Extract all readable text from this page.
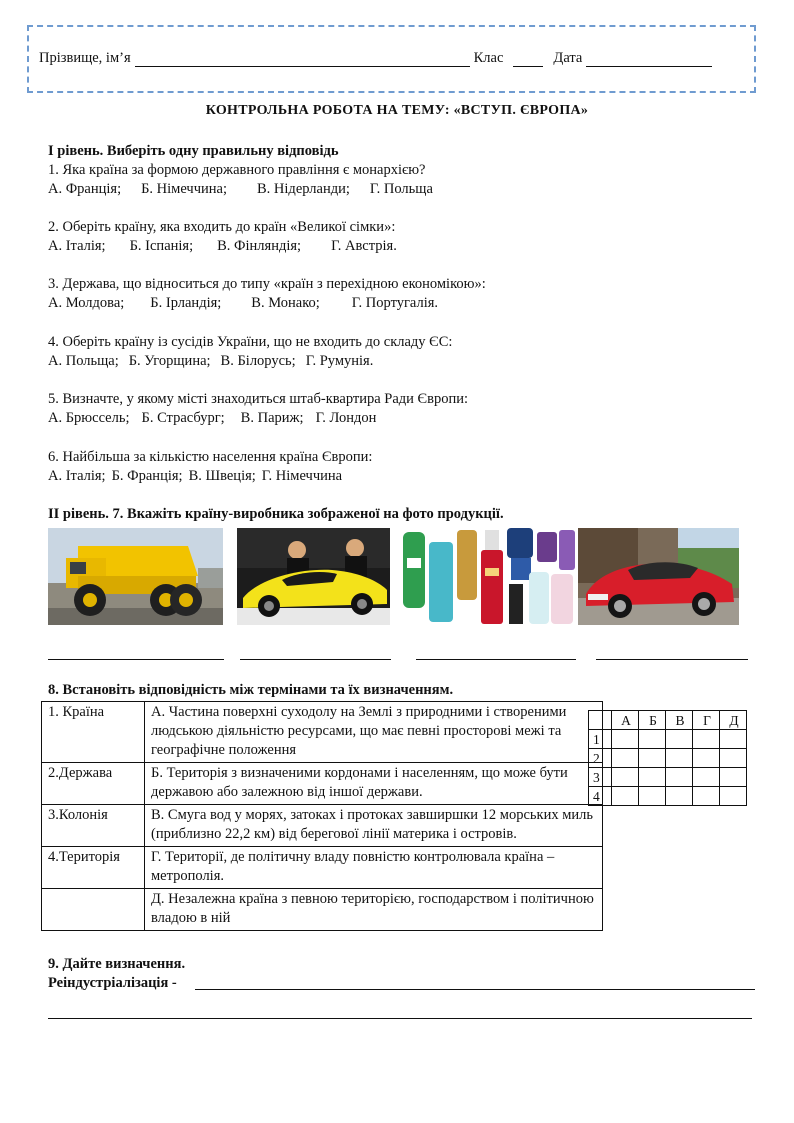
Прізвище, ім’я	Клас	Дата
КОНТРОЛЬНА РОБОТА НА ТЕМУ: «ВСТУП. ЄВРОПА»
І рівень. Виберіть одну правильну відповідь
1. Яка країна за формою державного правління є монархією?
А. Франція; Б. Німеччина; В. Нідерланди; Г. Польща
2. Оберіть країну, яка входить до країн «Великої сімки»:
А. Італія; Б. Іспанія; В. Фінляндія; Г. Австрія.
3. Держава, що відноситься до типу «країн з перехідною економікою»:
А. Молдова; Б. Ірландія; В. Монако; Г. Португалія.
4. Оберіть країну із сусідів України, що не входить до складу ЄС:
А. Польща; Б. Угорщина; В. Білорусь; Г. Румунія.
5. Визначте, у якому місті знаходиться штаб-квартира Ради Європи:
А. Брюссель; Б. Страсбург; В. Париж; Г. Лондон
6. Найбільша за кількістю населення країна Європи:
А. Італія; Б. Франція; В. Швеція; Г. Німеччина
ІІ рівень. 7. Вкажіть країну-виробника зображеної на фото продукції.
8. Встановіть відповідність між термінами та їх визначенням.
1. Країна	А. Частина поверхні суходолу на Землі з природними і створеними людською діяльністю ресурсами, що має певні просторові межі та географічне положення
2.Держава	Б. Територія з визначеними кордонами і населенням, що може бути державою або залежною від іншої держави.
3.Колонія	В. Смуга вод у морях, затоках і протоках завширшки 12 морських миль (приблизно 22,2 км) від берегової лінії материка і островів.
4.Територія	Г. Території, де політичну владу повністю контролювала країна – метрополія.
	Д. Незалежна країна з певною територією, господарством і політичною владою в ній
	А	Б	В	Г	Д
1					
2					
3					
4					
9. Дайте визначення.
Реіндустріалізація -
